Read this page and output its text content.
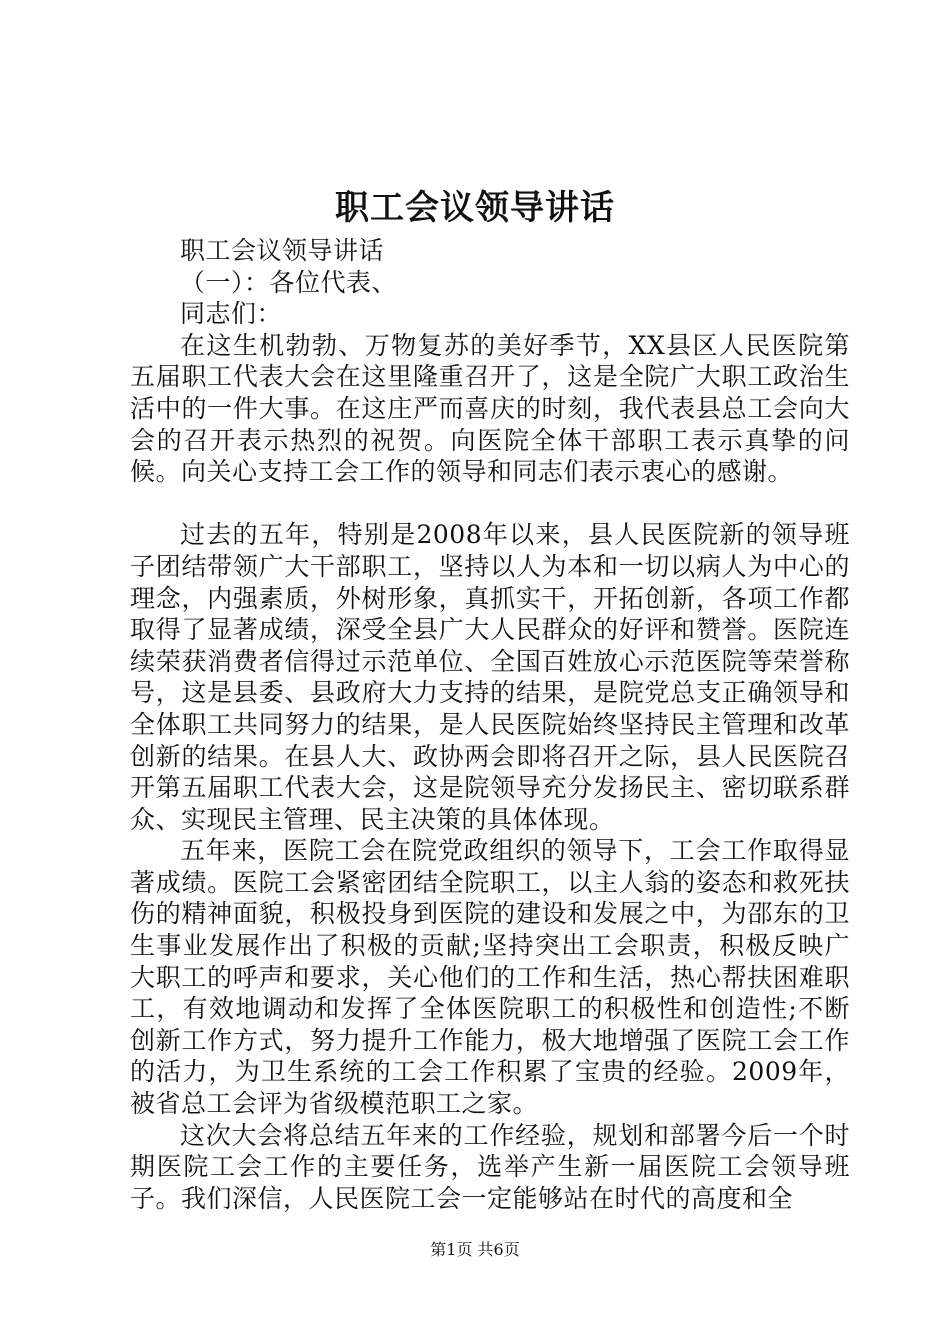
职工会议领导讲话

职工会议领导讲话

（一）：各位代表、

同志们：

在这生机勃勃、万物复苏的美好季节，XX县区人民医院第五届职工代表大会在这里隆重召开了，这是全院广大职工政治生活中的一件大事。在这庄严而喜庆的时刻，我代表县总工会向大会的召开表示热烈的祝贺。向医院全体干部职工表示真挚的问候。向关心支持工会工作的领导和同志们表示衷心的感谢。

过去的五年，特别是2008年以来，县人民医院新的领导班子团结带领广大干部职工，坚持以人为本和一切以病人为中心的理念，内强素质，外树形象，真抓实干，开拓创新，各项工作都取得了显著成绩，深受全县广大人民群众的好评和赞誉。医院连续荣获消费者信得过示范单位、全国百姓放心示范医院等荣誉称号，这是县委、县政府大力支持的结果，是院党总支正确领导和全体职工共同努力的结果，是人民医院始终坚持民主管理和改革创新的结果。在县人大、政协两会即将召开之际，县人民医院召开第五届职工代表大会，这是院领导充分发扬民主、密切联系群众、实现民主管理、民主决策的具体体现。

五年来，医院工会在院党政组织的领导下，工会工作取得显著成绩。医院工会紧密团结全院职工，以主人翁的姿态和救死扶伤的精神面貌，积极投身到医院的建设和发展之中，为邵东的卫生事业发展作出了积极的贡献;坚持突出工会职责，积极反映广大职工的呼声和要求，关心他们的工作和生活，热心帮扶困难职工，有效地调动和发挥了全体医院职工的积极性和创造性;不断创新工作方式，努力提升工作能力，极大地增强了医院工会工作的活力，为卫生系统的工会工作积累了宝贵的经验。2009年，被省总工会评为省级模范职工之家。

这次大会将总结五年来的工作经验，规划和部署今后一个时期医院工会工作的主要任务，选举产生新一届医院工会领导班子。我们深信，人民医院工会一定能够站在时代的高度和全

第1页 共6页
